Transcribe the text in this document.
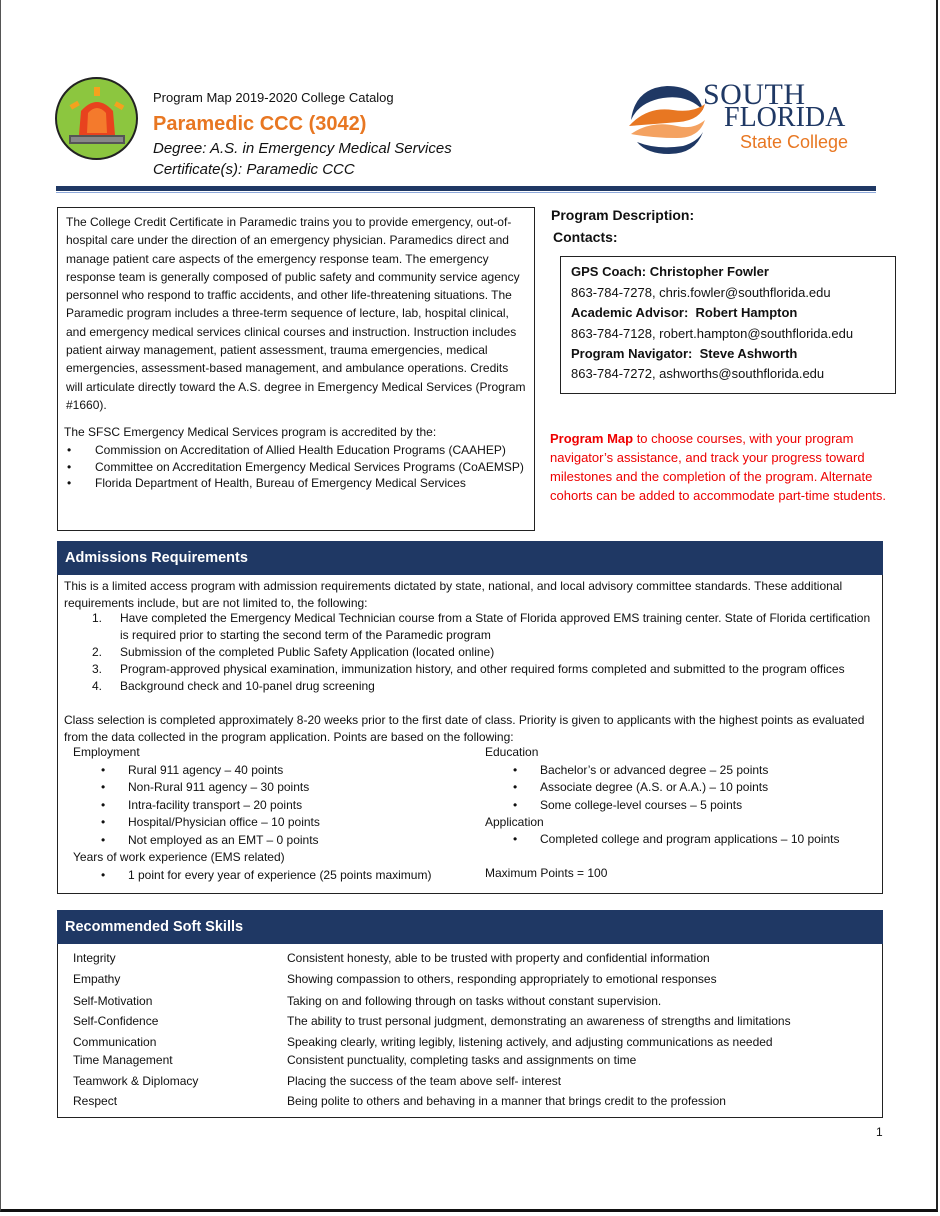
Program Map 2019-2020 College Catalog
Paramedic CCC (3042)
Degree: A.S. in Emergency Medical Services
Certificate(s): Paramedic CCC
SOUTH
FLORIDA
State College
The College Credit Certificate in Paramedic trains you to provide emergency, out-of-hospital care under the direction of an emergency physician. Paramedics direct and manage patient care aspects of the emergency response team. The emergency response team is generally composed of public safety and community service agency personnel who respond to traffic accidents, and other life-threatening situations. The Paramedic program includes a three-term sequence of lecture, lab, hospital clinical, and emergency medical services clinical courses and instruction. Instruction includes patient airway management, patient assessment, trauma emergencies, medical emergencies, assessment-based management, and ambulance operations. Credits will articulate directly toward the A.S. degree in Emergency Medical Services (Program #1660).
The SFSC Emergency Medical Services program is accredited by the:
• Commission on Accreditation of Allied Health Education Programs (CAAHEP)
• Committee on Accreditation Emergency Medical Services Programs (CoAEMSP)
• Florida Department of Health, Bureau of Emergency Medical Services
Program Description:
Contacts:
GPS Coach: Christopher Fowler
863-784-7278, chris.fowler@southflorida.edu
Academic Advisor: Robert Hampton
863-784-7128, robert.hampton@southflorida.edu
Program Navigator: Steve Ashworth
863-784-7272, ashworths@southflorida.edu
Program Map to choose courses, with your program navigator’s assistance, and track your progress toward milestones and the completion of the program. Alternate cohorts can be added to accommodate part-time students.
Admissions Requirements
This is a limited access program with admission requirements dictated by state, national, and local advisory committee standards. These additional requirements include, but are not limited to, the following:
1. Have completed the Emergency Medical Technician course from a State of Florida approved EMS training center. State of Florida certification is required prior to starting the second term of the Paramedic program
2. Submission of the completed Public Safety Application (located online)
3. Program-approved physical examination, immunization history, and other required forms completed and submitted to the program offices
4. Background check and 10-panel drug screening
Class selection is completed approximately 8-20 weeks prior to the first date of class. Priority is given to applicants with the highest points as evaluated from the data collected in the program application. Points are based on the following:
Employment
• Rural 911 agency – 40 points
• Non-Rural 911 agency – 30 points
• Intra-facility transport – 20 points
• Hospital/Physician office – 10 points
• Not employed as an EMT – 0 points
Years of work experience (EMS related)
• 1 point for every year of experience (25 points maximum)
Education
• Bachelor’s or advanced degree – 25 points
• Associate degree (A.S. or A.A.) – 10 points
• Some college-level courses – 5 points
Application
• Completed college and program applications – 10 points
Maximum Points = 100
Recommended Soft Skills
Integrity	Consistent honesty, able to be trusted with property and confidential information
Empathy	Showing compassion to others, responding appropriately to emotional responses
Self-Motivation	Taking on and following through on tasks without constant supervision.
Self-Confidence	The ability to trust personal judgment, demonstrating an awareness of strengths and limitations
Communication	Speaking clearly, writing legibly, listening actively, and adjusting communications as needed
Time Management	Consistent punctuality, completing tasks and assignments on time
Teamwork & Diplomacy	Placing the success of the team above self- interest
Respect	Being polite to others and behaving in a manner that brings credit to the profession
1
